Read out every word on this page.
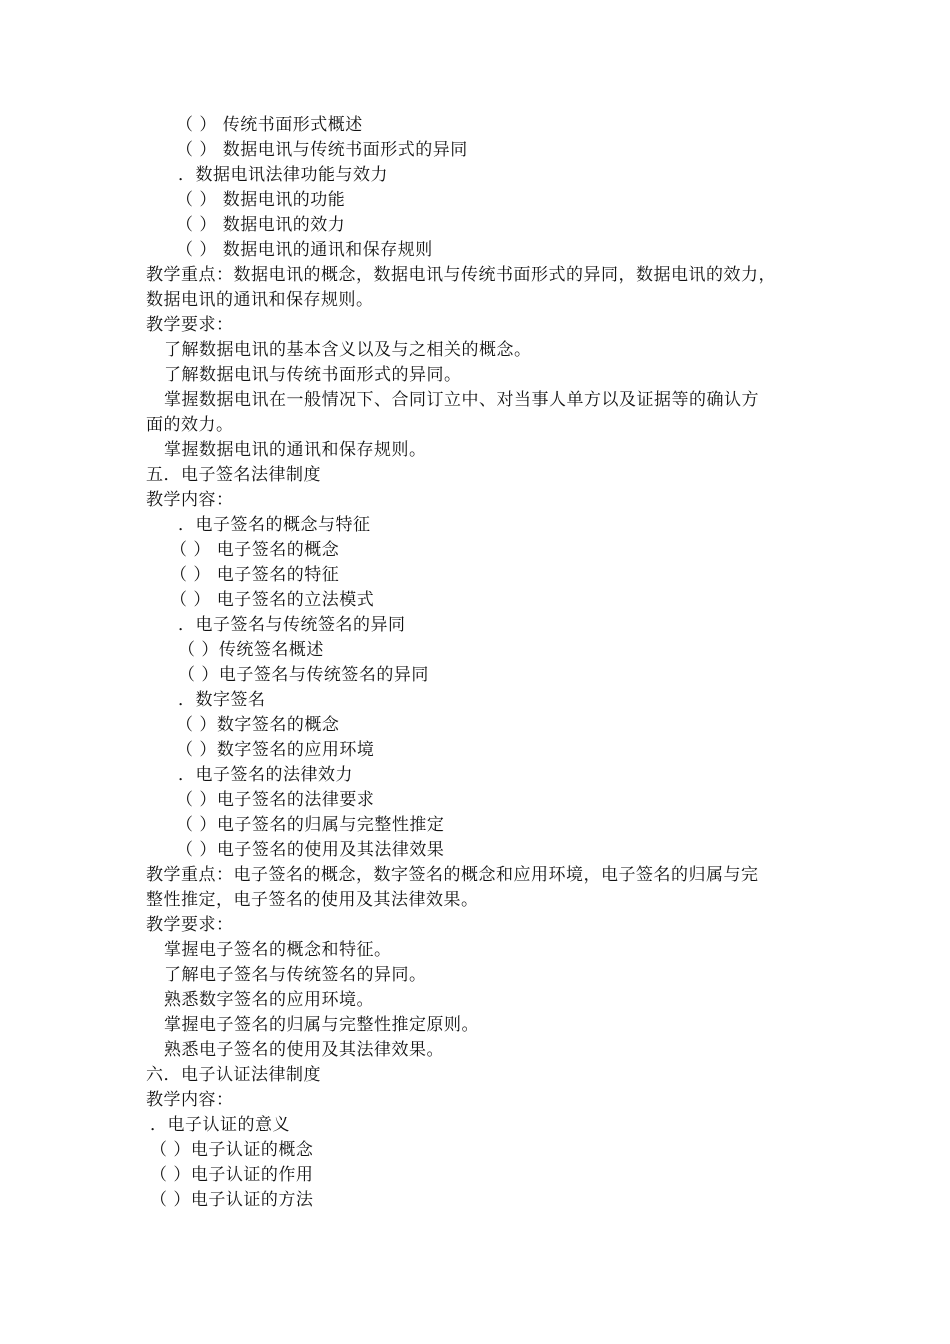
（ ） 传统书面形式概述
（ ） 数据电讯与传统书面形式的异同
．数据电讯法律功能与效力
（ ） 数据电讯的功能
（ ） 数据电讯的效力
（ ） 数据电讯的通讯和保存规则
教学重点：数据电讯的概念，数据电讯与传统书面形式的异同，数据电讯的效力，
数据电讯的通讯和保存规则。
教学要求：
了解数据电讯的基本含义以及与之相关的概念。
了解数据电讯与传统书面形式的异同。
掌握数据电讯在一般情况下、合同订立中、对当事人单方以及证据等的确认方
面的效力。
掌握数据电讯的通讯和保存规则。
五．电子签名法律制度
教学内容：
．电子签名的概念与特征
（ ） 电子签名的概念
（ ） 电子签名的特征
（ ） 电子签名的立法模式
．电子签名与传统签名的异同
（ ）传统签名概述
（ ）电子签名与传统签名的异同
．数字签名
（ ）数字签名的概念
（ ）数字签名的应用环境
．电子签名的法律效力
（ ）电子签名的法律要求
（ ）电子签名的归属与完整性推定
（ ）电子签名的使用及其法律效果
教学重点：电子签名的概念，数字签名的概念和应用环境，电子签名的归属与完
整性推定，电子签名的使用及其法律效果。
教学要求：
掌握电子签名的概念和特征。
了解电子签名与传统签名的异同。
熟悉数字签名的应用环境。
掌握电子签名的归属与完整性推定原则。
熟悉电子签名的使用及其法律效果。
六．电子认证法律制度
教学内容：
．电子认证的意义
（ ）电子认证的概念
（ ）电子认证的作用
（ ）电子认证的方法
